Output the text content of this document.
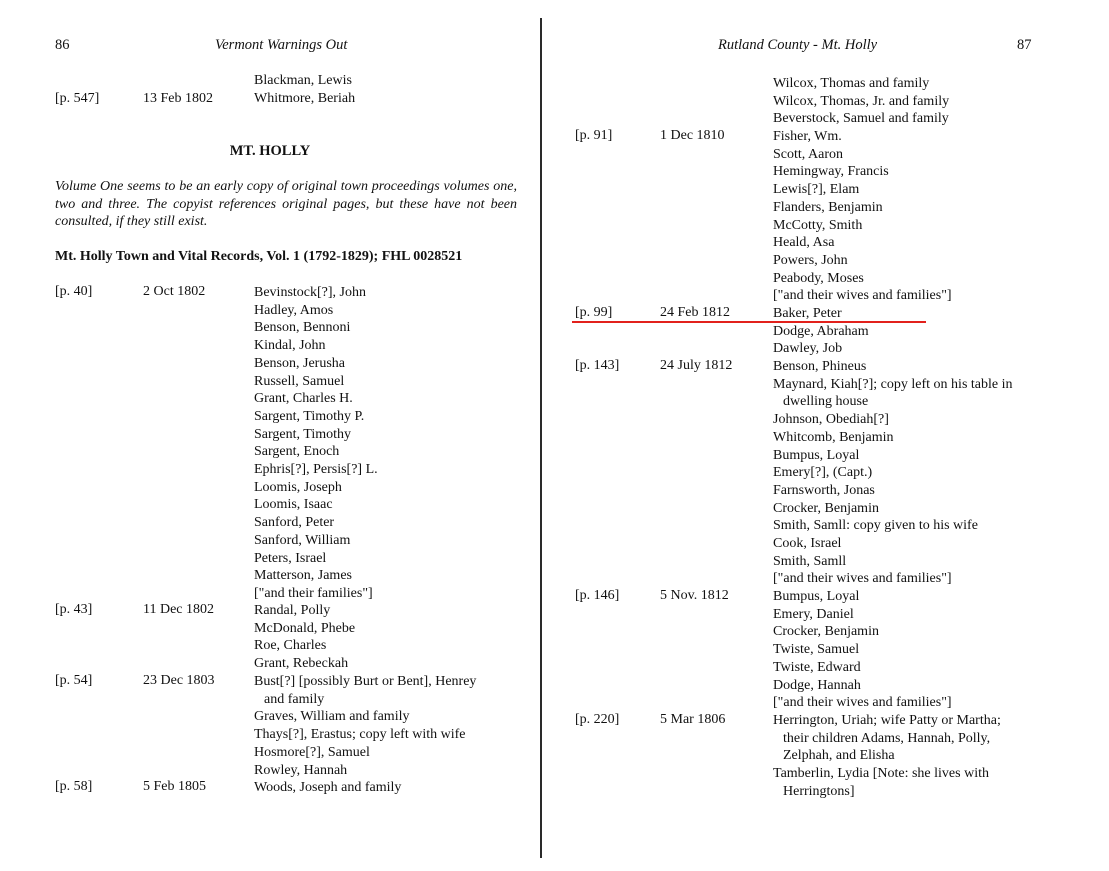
86	Vermont Warnings Out
Blackman, Lewis
[p. 547]	13 Feb 1802	Whitmore, Beriah
MT. HOLLY
Volume One seems to be an early copy of original town proceedings volumes one, two and three. The copyist references original pages, but these have not been consulted, if they still exist.
Mt. Holly Town and Vital Records, Vol. 1 (1792-1829); FHL 0028521
[p. 40]	2 Oct 1802	Bevinstock[?], John
Hadley, Amos
Benson, Bennoni
Kindal, John
Benson, Jerusha
Russell, Samuel
Grant, Charles H.
Sargent, Timothy P.
Sargent, Timothy
Sargent, Enoch
Ephris[?], Persis[?] L.
Loomis, Joseph
Loomis, Isaac
Sanford, Peter
Sanford, William
Peters, Israel
Matterson, James
["and their families"]
[p. 43]	11 Dec 1802	Randal, Polly
McDonald, Phebe
Roe, Charles
Grant, Rebeckah
[p. 54]	23 Dec 1803	Bust[?] [possibly Burt or Bent], Henrey
and family
Graves, William and family
Thays[?], Erastus; copy left with wife
Hosmore[?], Samuel
Rowley, Hannah
[p. 58]	5 Feb 1805	Woods, Joseph and family
Rutland County - Mt. Holly	87
Wilcox, Thomas and family
Wilcox, Thomas, Jr. and family
Beverstock, Samuel and family
[p. 91]	1 Dec 1810	Fisher, Wm.
Scott, Aaron
Hemingway, Francis
Lewis[?], Elam
Flanders, Benjamin
McCotty, Smith
Heald, Asa
Powers, John
Peabody, Moses
["and their wives and families"]
[p. 99]	24 Feb 1812	Baker, Peter
Dodge, Abraham
Dawley, Job
[p. 143]	24 July 1812	Benson, Phineus
Maynard, Kiah[?]; copy left on his table in
dwelling house
Johnson, Obediah[?]
Whitcomb, Benjamin
Bumpus, Loyal
Emery[?], (Capt.)
Farnsworth, Jonas
Crocker, Benjamin
Smith, Samll: copy given to his wife
Cook, Israel
Smith, Samll
["and their wives and families"]
[p. 146]	5 Nov. 1812	Bumpus, Loyal
Emery, Daniel
Crocker, Benjamin
Twiste, Samuel
Twiste, Edward
Dodge, Hannah
["and their wives and families"]
[p. 220]	5 Mar 1806	Herrington, Uriah; wife Patty or Martha;
their children Adams, Hannah, Polly,
Zelphah, and Elisha
Tamberlin, Lydia [Note: she lives with
Herringtons]
